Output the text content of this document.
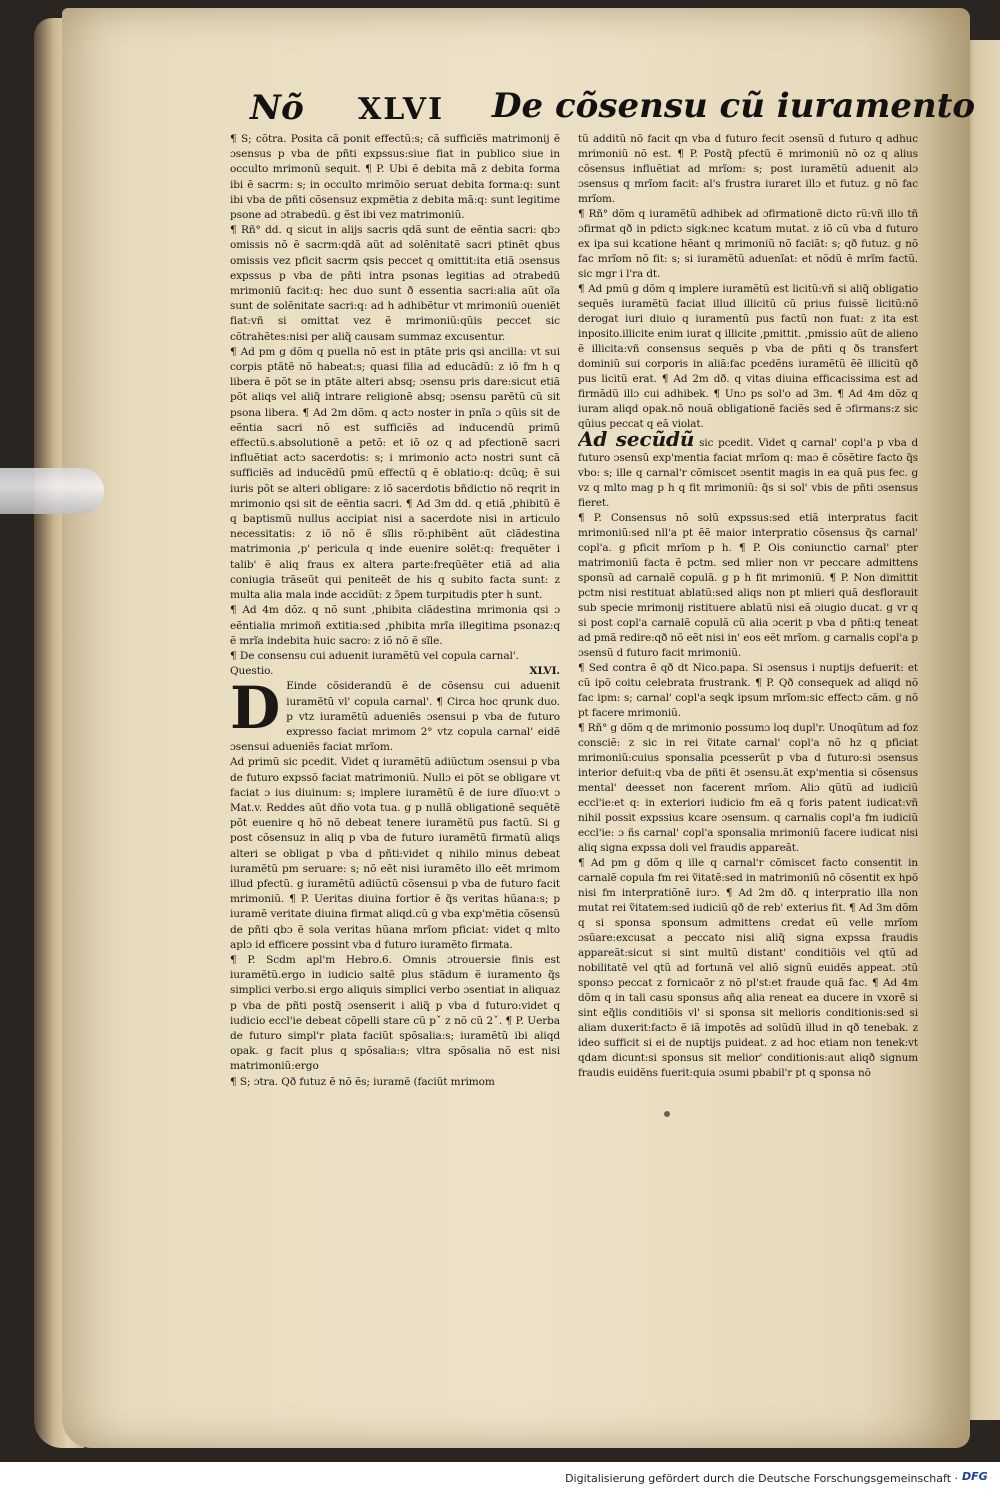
Nõ XLVI De cõsensu cũ iuramento

¶ S; cõtra. Posita cã ponit effectũ:s; cã sufficiẽs matrimonij ẽ ɔsensus p vba de pñti expssus:siue fiat in publico siue in occulto mrimonũ sequit. ¶ P. Ubi ẽ debita mã z debita forma ibi ẽ sacrm: s; in occulto mrimõio seruat debita forma:q: sunt ibi vba de pñti cõsensuz expmẽtia z debita mã:q: sunt legitime psone ad ɔtrabedũ. g ẽst ibi vez matrimoniũ.

¶ Rñ° dd. q sicut in alijs sacris qdã sunt de eẽntia sacri: qbɔ omissis nõ ẽ sacrm:qdã aũt ad solẽnitatẽ sacri ptinẽt qbus omissis vez pficit sacrm qsis peccet q omittit:ita etiã ɔsensus expssus p vba de pñti intra psonas legitias ad ɔtrabedũ mrimoniũ facit:q: hec duo sunt ð essentia sacri:alia aũt oĩa sunt de solẽnitate sacri:q: ad h adhibẽtur vt mrimoniũ ɔueniẽt fiat:vñ si omittat vez ẽ mrimoniũ:qũis peccet sic cõtrahẽtes:nisi per aliq̃ causam summaz excusentur.

¶ Ad pm g dõm q puella nõ est in ptãte pris qsi ancilla: vt sui corpis ptãtẽ nõ habeat:s; quasi filia ad educãdũ: z iõ fm h q libera ẽ põt se in ptãte alteri absq; ɔsensu pris dare:sicut etiã põt aliqs vel aliq̃ intrare religionẽ absq; ɔsensu parẽtũ cũ sit psona libera. ¶ Ad 2m dõm. q actɔ noster in pnĩa ɔ qũis sit de eẽntia sacri nõ est sufficiẽs ad inducendũ primũ effectũ.s.absolutionẽ a petõ: et iõ oz q ad pfectionẽ sacri influẽtiat actɔ sacerdotis: s; i mrimonio actɔ nostri sunt cã sufficiẽs ad inducẽdũ pmũ effectũ q ẽ oblatio:q: dcũq; ẽ sui iuris põt se alteri obligare: z iõ sacerdotis bñdictio nõ reqrit in mrimonio qsi sit de eẽntia sacri. ¶ Ad 3m dd. q etiã ,phibitũ ẽ q baptismũ nullus accipiat nisi a sacerdote nisi in articulo necessitatis: z iõ nõ ẽ sĩlis rõ:phibẽnt aũt clãdestina matrimonia ,p' pericula q inde euenire solẽt:q: frequẽter i talib' ẽ aliq fraus ex altera parte:freqũẽter etiã ad alia coniugia trãseũt qui peniteẽt de his q subito facta sunt: z multa alia mala inde accidũt: z ɔ̃pem turpitudis pter h sunt.

¶ Ad 4m dõz. q nõ sunt ,phibita clãdestina mrimonia qsi ɔ eẽntialia mrimoñ extitia:sed ,phibita mrĩa illegitima psonaz:q ẽ mrĩa indebita huic sacro: z iõ nõ ẽ sĩle.

¶ De consensu cui aduenit iuramẽtũ vel copula carnal'.

Questio.	XLVI.

D Einde cõsiderandũ ẽ de cõsensu cui aduenit iuramẽtũ vl' copula carnal'. ¶ Circa hoc qrunk duo. p vtz iuramẽtũ adueniẽs ɔsensui p vba de futuro expresso faciat mrimom 2° vtz copula carnal' eidẽ ɔsensui adueniẽs faciat mrĩom.

Ad primũ sic pcedit. Videt q iuramẽtũ adiũctum ɔsensui p vba de futuro expssõ faciat matrimoniũ. Nullɔ ei põt se obligare vt faciat ɔ ius diuinum: s; implere iuramẽtũ ẽ de iure dĩuo:vt ɔ Mat.v. Reddes aũt dño vota tua. g p nullã obligationẽ sequẽtẽ põt euenire q hõ nõ debeat tenere iuramẽtũ pus factũ. Si g post cõsensuz in aliq p vba de futuro iuramẽtũ firmatũ aliqs alteri se obligat p vba d pñti:videt q nihilo minus debeat iuramẽtũ pm seruare: s; nõ eẽt nisi iuramẽto illo eẽt mrimom illud pfectũ. g iuramẽtũ adiũctũ cõsensui p vba de futuro facit mrimoniũ. ¶ P. Ueritas diuina fortior ẽ q̃s veritas hũana:s; p iuramẽ veritate diuina firmat aliqd.cũ g vba exp'mẽtia cõsensũ de pñti qbɔ ẽ sola veritas hũana mrĩom pficiat: videt q mlto aplɔ id efficere possint vba d futuro iuramẽto firmata.

¶ P. Scdm apl'm Hebro.6. Omnis ɔtrouersie finis est iuramẽtũ.ergo in iudicio saltẽ plus stãdum ẽ iuramento q̃s simplici verbo.si ergo aliquis simplici verbo ɔsentiat in aliquaz p vba de pñti postq̃ ɔsenserit i aliq̃ p vba d futuro:videt q iudicio eccl'ie debeat cõpelli stare cũ pˇ z nõ cũ 2ˇ. ¶ P. Uerba de futuro simpl'r plata faciũt spõsalia:s; iuramẽtũ ibi aliqd opak. g facit plus q spõsalia:s; vltra spõsalia nõ est nisi matrimoniũ:ergo

¶ S; ɔtra. Qð futuz ẽ nõ ẽs; iuramẽ (faciũt mrimom

tũ additũ nõ facit qn vba d futuro fecit ɔsensũ d futuro q adhuc mrimoniũ nõ est. ¶ P. Postq̃ pfectũ ẽ mrimoniũ nõ oz q alius cõsensus influẽtiat ad mrĩom: s; post iuramẽtũ aduenit alɔ ɔsensus q mrĩom facit: al's frustra iuraret illɔ et futuz. g nõ fac mrĩom.

¶ Rñ° dõm q iuramẽtũ adhibek ad ɔfirmationẽ dicto rũ:vñ illo tñ ɔfirmat qð in pdictɔ sigk:nec kcatum mutat. z iõ cũ vba d futuro ex ipa sui kcatione hẽant q mrimoniũ nõ faciãt: s; qð futuz. g nõ fac mrĩom nõ fit: s; si iuramẽtũ aduenĩat: et nõdũ ẽ mrĩm factũ. sic mgr i l'ra dt.

¶ Ad pmũ g dõm q implere iuramẽtũ est licitũ:vñ si aliq̃ obligatio sequẽs iuramẽtũ faciat illud illicitũ cũ prius fuissẽ licitũ:nõ derogat iuri diuio q iuramentũ pus factũ non fuat: z ita est inposito.illicite enim iurat q illicite ,pmittit. ,pmissio aũt de alieno ẽ illicita:vñ consensus sequẽs p vba de pñti q ðs transfert dominiũ sui corporis in aliã:fac pcedẽns iuramẽtũ ẽẽ illicitũ qð pus licitũ erat. ¶ Ad 2m dð. q vitas diuina efficacissima est ad firmãdũ illɔ cui adhibek. ¶ Unɔ ps sol'o ad 3m. ¶ Ad 4m dõz q iuram aliqd opak.nõ nouã obligationẽ faciẽs sed ẽ ɔfirmans:z sic qũius peccat q eã violat.

Ad secũdũ sic pcedit. Videt q carnal' copl'a p vba d futuro ɔsensũ exp'mentia faciat mrĩom q: maɔ ẽ cõsẽtire facto q̃s vbo: s; ille q carnal'r cõmiscet ɔsentit magis in ea quã pus fec. g vz q mlto mag p h q fit mrimoniũ: q̃s si sol' vbis de pñti ɔsensus fieret.

¶ P. Consensus nõ solũ expssus:sed etiã interpratus facit mrimoniũ:sed nll'a pt ẽẽ maior interpratio cõsensus q̃s carnal' copl'a. g pficit mrĩom p h. ¶ P. Ois coniunctio carnal' pter matrimoniũ facta ẽ pctm. sed mlier non vr peccare admittens sponsũ ad carnalẽ copulã. g p h fit mrimoniũ. ¶ P. Non dimittit pctm nisi restituat ablatũ:sed aliqs non pt mlieri quã desflorauit sub specie mrimonij ristituere ablatũ nisi eã ɔiugio ducat. g vr q si post copl'a carnalẽ copulã cũ alia ɔcerit p vba d pñti:q teneat ad pmã redire:qð nõ eẽt nisi in' eos eẽt mrĩom. g carnalis copl'a p ɔsensũ d futuro facit mrimoniũ.

¶ Sed contra ẽ qð dt Nico.papa. Si ɔsensus i nuptijs defuerit: et cũ ipõ coitu celebrata frustrank. ¶ P. Qð consequek ad aliqd nõ fac ipm: s; carnal' copl'a seqk ipsum mrĩom:sic effectɔ cãm. g nõ pt facere mrimoniũ.

¶ Rñ° g dõm q de mrimonio possumɔ loq dupl'r. Unoqũtum ad foz consciẽ: z sic in rei ṽitate carnal' copl'a nõ hz q pficiat mrimoniũ:cuius sponsalia pcesserũt p vba d futuro:si ɔsensus interior defuit:q vba de pñti ẽt ɔsensu.ãt exp'mentia si cõsensus mental' deesset non facerent mrĩom. Aliɔ qũtũ ad iudiciũ eccl'ie:et q: in exteriori iudicio fm eã q foris patent iudicat:vñ nihil possit expssius kcare ɔsensum. q carnalis copl'a fm iudiciũ eccl'ie: ɔ ñs carnal' copl'a sponsalia mrimoniũ facere iudicat nisi aliq signa expssa doli vel fraudis appareãt.

¶ Ad pm g dõm q ille q carnal'r cõmiscet facto consentit in carnalẽ copula fm rei ṽitatẽ:sed in matrimoniũ nõ cõsentit ex hpõ nisi fm interpratiõnẽ iurɔ. ¶ Ad 2m dð. q interpratio illa non mutat rei ṽitatem:sed iudiciũ qð de reb' exterius fit. ¶ Ad 3m dõm q si sponsa sponsum admittens credat eũ velle mrĩom ɔsũare:excusat a peccato nisi aliq̃ signa expssa fraudis appareãt:sicut si sint multũ distant' conditiõis vel qtũ ad nobilitatẽ vel qtũ ad fortunã vel aliõ signũ euidẽs appeat. ɔtũ sponsɔ peccat z fornicaõr z nõ pl'st:et fraude quã fac. ¶ Ad 4m dõm q in tali casu sponsus añq alia reneat ea ducere in vxorẽ si sint eq̃lis conditiõis vl' si sponsa sit melioris conditionis:sed si aliam duxerit:factɔ ẽ iã impotẽs ad solũdũ illud in qð tenebak. z ideo sufficit si ei de nuptijs puideat. z ad hoc etiam non tenek:vt qdam dicunt:si sponsus sit melior' conditionis:aut aliqð signum fraudis euidẽns fuerit:quia ɔsumi pbabil'r pt q sponsa nõ

Digitalisierung gefördert durch die Deutsche Forschungsgemeinschaft · DFG
